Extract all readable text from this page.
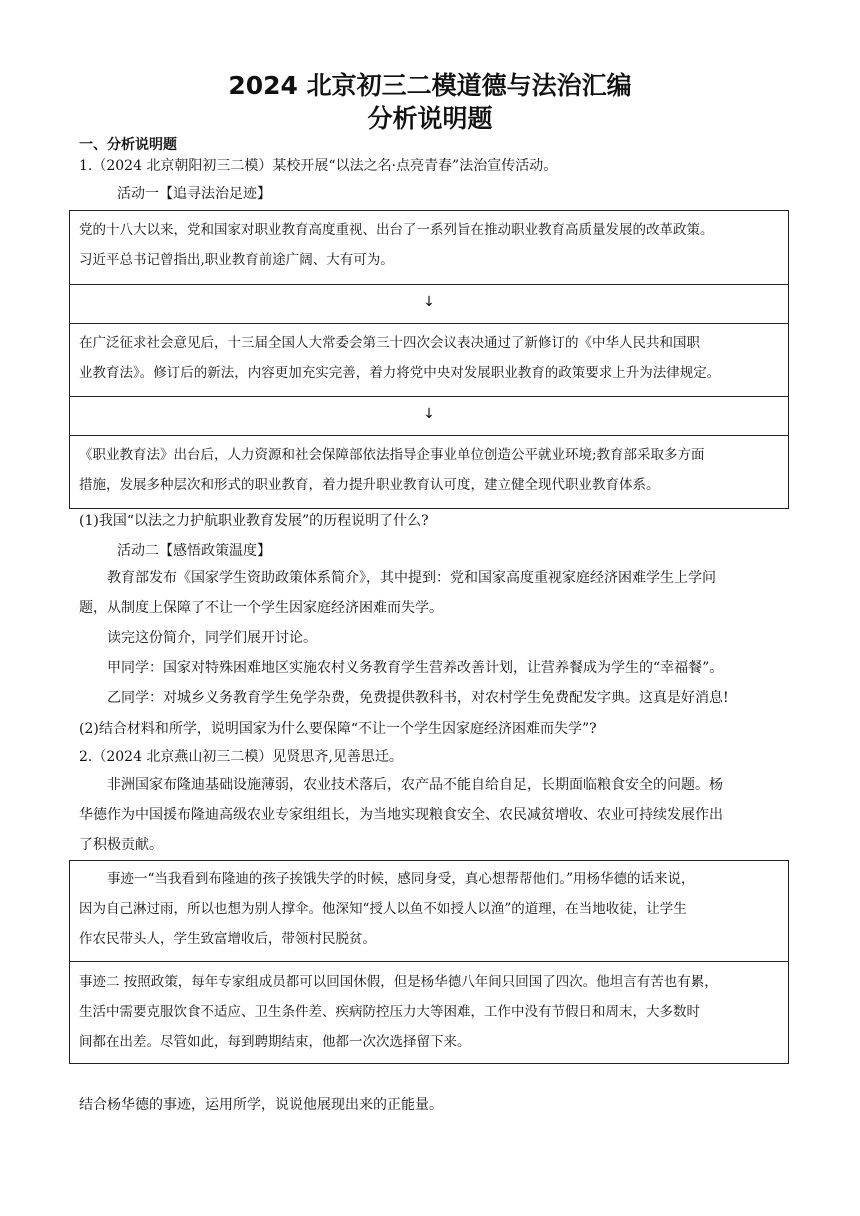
2024 北京初三二模道德与法治汇编
分析说明题
一、分析说明题
1.（2024 北京朝阳初三二模）某校开展“以法之名·点亮青春”法治宣传活动。
活动一【追寻法治足迹】
党的十八大以来，党和国家对职业教育高度重视、出台了一系列旨在推动职业教育高质量发展的改革政策。
习近平总书记曾指出,职业教育前途广阔、大有可为。
↓
在广泛征求社会意见后，十三届全国人大常委会第三十四次会议表决通过了新修订的《中华人民共和国职
业教育法》。修订后的新法，内容更加充实完善，着力将党中央对发展职业教育的政策要求上升为法律规定。
↓
《职业教育法》出台后，人力资源和社会保障部依法指导企事业单位创造公平就业环境;教育部采取多方面
措施，发展多种层次和形式的职业教育，着力提升职业教育认可度，建立健全现代职业教育体系。
(1)我国“以法之力护航职业教育发展”的历程说明了什么?
活动二【感悟政策温度】
教育部发布《国家学生资助政策体系简介》，其中提到：党和国家高度重视家庭经济困难学生上学问
题，从制度上保障了不让一个学生因家庭经济困难而失学。
读完这份简介，同学们展开讨论。
甲同学：国家对特殊困难地区实施农村义务教育学生营养改善计划，让营养餐成为学生的“幸福餐”。
乙同学：对城乡义务教育学生免学杂费，免费提供教科书，对农村学生免费配发字典。这真是好消息!
(2)结合材料和所学，说明国家为什么要保障“不让一个学生因家庭经济困难而失学”?
2.（2024 北京燕山初三二模）见贤思齐,见善思迁。
非洲国家布隆迪基础设施薄弱，农业技术落后，农产品不能自给自足，长期面临粮食安全的问题。杨
华德作为中国援布隆迪高级农业专家组组长，为当地实现粮食安全、农民减贫增收、农业可持续发展作出
了积极贡献。
事迹一“当我看到布隆迪的孩子挨饿失学的时候，感同身受，真心想帮帮他们。”用杨华德的话来说，
因为自己淋过雨，所以也想为别人撑伞。他深知“授人以鱼不如授人以渔”的道理，在当地收徒，让学生
作农民带头人，学生致富增收后，带领村民脱贫。
事迹二 按照政策，每年专家组成员都可以回国休假，但是杨华德八年间只回国了四次。他坦言有苦也有累，
生活中需要克服饮食不适应、卫生条件差、疾病防控压力大等困难，工作中没有节假日和周末，大多数时
间都在出差。尽管如此，每到聘期结束，他都一次次选择留下来。
结合杨华德的事迹，运用所学，说说他展现出来的正能量。
